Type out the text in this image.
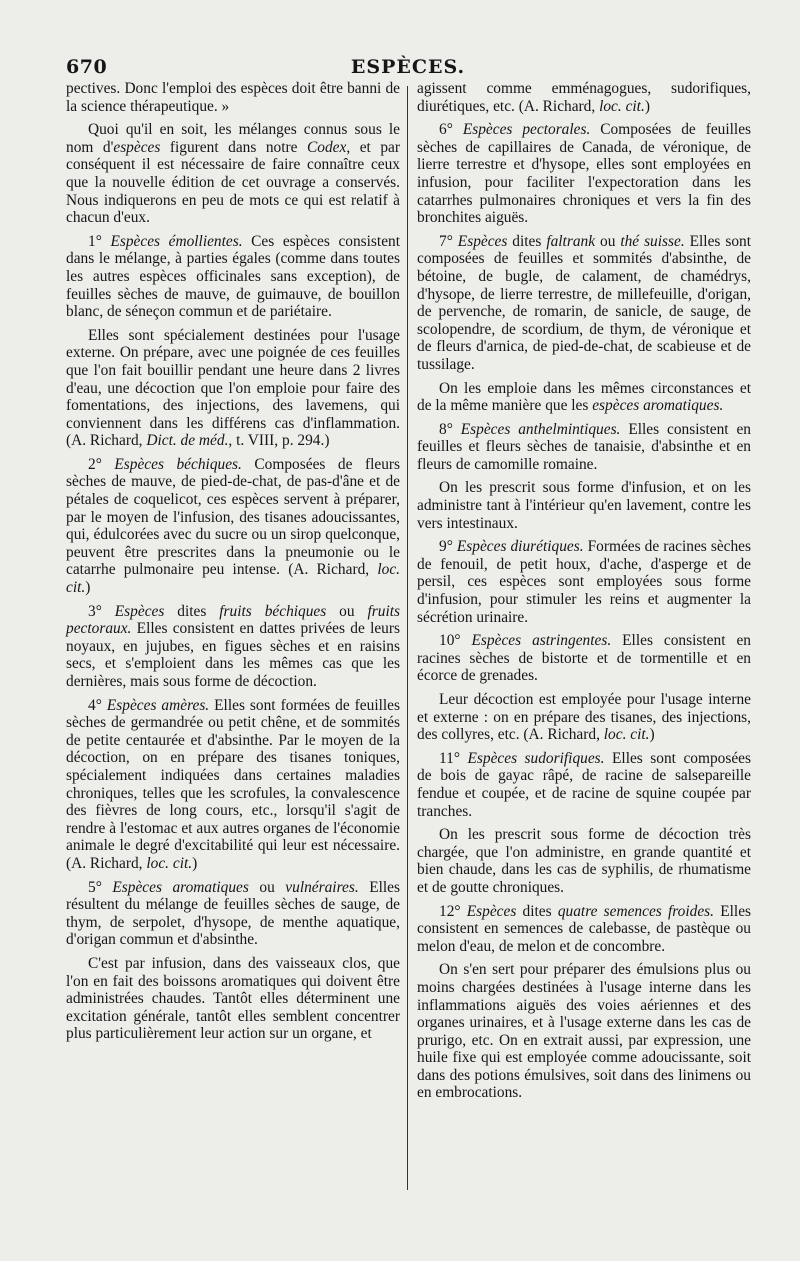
670	ESPÈCES.

pectives. Donc l'emploi des espèces doit être banni de la science thérapeutique. »

Quoi qu'il en soit, les mélanges connus sous le nom d'espèces figurent dans notre Codex, et par conséquent il est nécessaire de faire connaître ceux que la nouvelle édition de cet ouvrage a conservés. Nous indiquerons en peu de mots ce qui est relatif à chacun d'eux.

1° Espèces émollientes. Ces espèces consistent dans le mélange, à parties égales (comme dans toutes les autres espèces officinales sans exception), de feuilles sèches de mauve, de guimauve, de bouillon blanc, de séneçon commun et de pariétaire.

Elles sont spécialement destinées pour l'usage externe. On prépare, avec une poignée de ces feuilles que l'on fait bouillir pendant une heure dans 2 livres d'eau, une décoction que l'on emploie pour faire des fomentations, des injections, des lavemens, qui conviennent dans les différens cas d'inflammation. (A. Richard, Dict. de méd., t. VIII, p. 294.)

2° Espèces béchiques. Composées de fleurs sèches de mauve, de pied-de-chat, de pas-d'âne et de pétales de coquelicot, ces espèces servent à préparer, par le moyen de l'infusion, des tisanes adoucissantes, qui, édulcorées avec du sucre ou un sirop quelconque, peuvent être prescrites dans la pneumonie ou le catarrhe pulmonaire peu intense. (A. Richard, loc. cit.)

3° Espèces dites fruits béchiques ou fruits pectoraux. Elles consistent en dattes privées de leurs noyaux, en jujubes, en figues sèches et en raisins secs, et s'emploient dans les mêmes cas que les dernières, mais sous forme de décoction.

4° Espèces amères. Elles sont formées de feuilles sèches de germandrée ou petit chêne, et de sommités de petite centaurée et d'absinthe. Par le moyen de la décoction, on en prépare des tisanes toniques, spécialement indiquées dans certaines maladies chroniques, telles que les scrofules, la convalescence des fièvres de long cours, etc., lorsqu'il s'agit de rendre à l'estomac et aux autres organes de l'économie animale le degré d'excitabilité qui leur est nécessaire. (A. Richard, loc. cit.)

5° Espèces aromatiques ou vulnéraires. Elles résultent du mélange de feuilles sèches de sauge, de thym, de serpolet, d'hysope, de menthe aquatique, d'origan commun et d'absinthe.

C'est par infusion, dans des vaisseaux clos, que l'on en fait des boissons aromatiques qui doivent être administrées chaudes. Tantôt elles déterminent une excitation générale, tantôt elles semblent concentrer plus particulièrement leur action sur un organe, et

agissent comme emménagogues, sudorifiques, diurétiques, etc. (A. Richard, loc. cit.)

6° Espèces pectorales. Composées de feuilles sèches de capillaires de Canada, de véronique, de lierre terrestre et d'hysope, elles sont employées en infusion, pour faciliter l'expectoration dans les catarrhes pulmonaires chroniques et vers la fin des bronchites aiguës.

7° Espèces dites faltrank ou thé suisse. Elles sont composées de feuilles et sommités d'absinthe, de bétoine, de bugle, de calament, de chamédrys, d'hysope, de lierre terrestre, de millefeuille, d'origan, de pervenche, de romarin, de sanicle, de sauge, de scolopendre, de scordium, de thym, de véronique et de fleurs d'arnica, de pied-de-chat, de scabieuse et de tussilage.

On les emploie dans les mêmes circonstances et de la même manière que les espèces aromatiques.

8° Espèces anthelmintiques. Elles consistent en feuilles et fleurs sèches de tanaisie, d'absinthe et en fleurs de camomille romaine.

On les prescrit sous forme d'infusion, et on les administre tant à l'intérieur qu'en lavement, contre les vers intestinaux.

9° Espèces diurétiques. Formées de racines sèches de fenouil, de petit houx, d'ache, d'asperge et de persil, ces espèces sont employées sous forme d'infusion, pour stimuler les reins et augmenter la sécrétion urinaire.

10° Espèces astringentes. Elles consistent en racines sèches de bistorte et de tormentille et en écorce de grenades.

Leur décoction est employée pour l'usage interne et externe : on en prépare des tisanes, des injections, des collyres, etc. (A. Richard, loc. cit.)

11° Espèces sudorifiques. Elles sont composées de bois de gayac râpé, de racine de salsepareille fendue et coupée, et de racine de squine coupée par tranches.

On les prescrit sous forme de décoction très chargée, que l'on administre, en grande quantité et bien chaude, dans les cas de syphilis, de rhumatisme et de goutte chroniques.

12° Espèces dites quatre semences froides. Elles consistent en semences de calebasse, de pastèque ou melon d'eau, de melon et de concombre.

On s'en sert pour préparer des émulsions plus ou moins chargées destinées à l'usage interne dans les inflammations aiguës des voies aériennes et des organes urinaires, et à l'usage externe dans les cas de prurigo, etc. On en extrait aussi, par expression, une huile fixe qui est employée comme adoucissante, soit dans des potions émulsives, soit dans des linimens ou en embrocations.
